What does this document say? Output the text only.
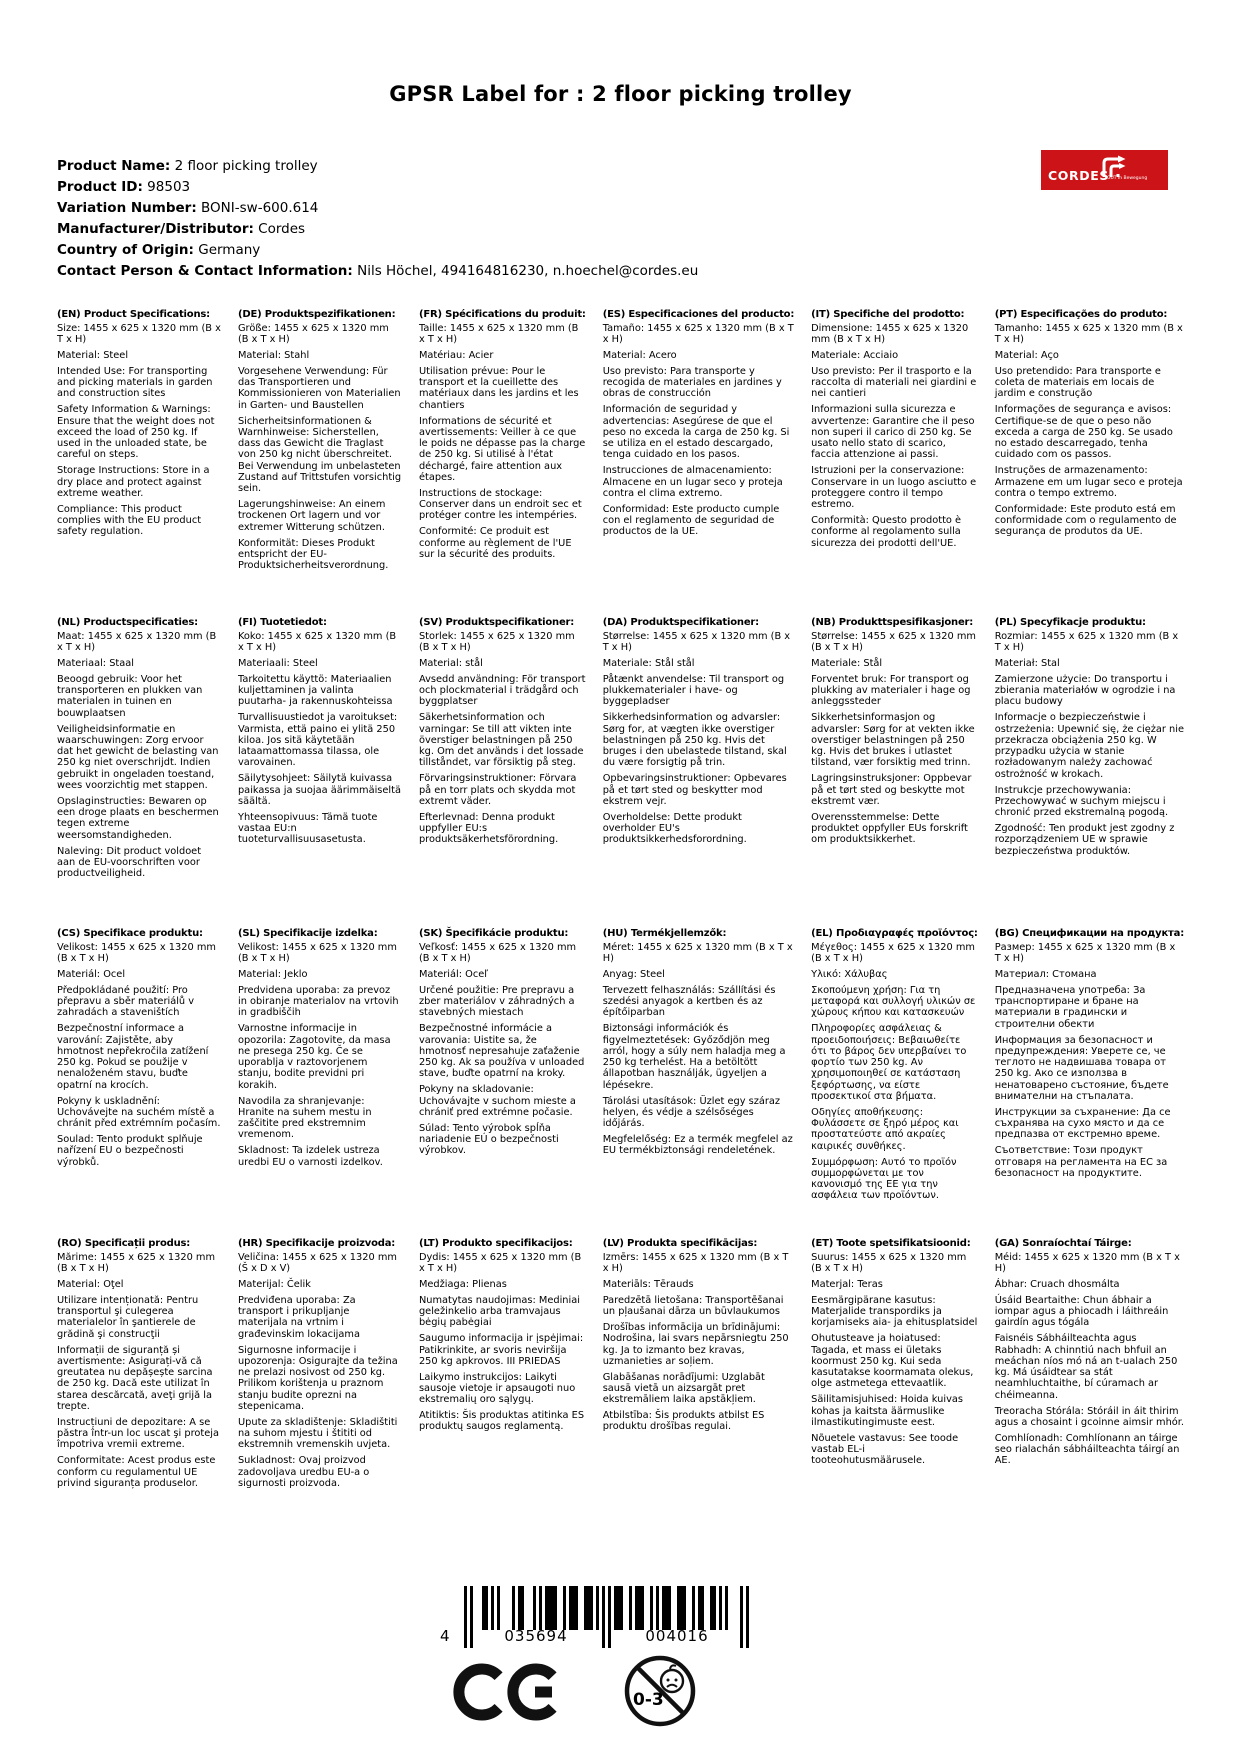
GPSR Label for : 2 floor picking trolley
Product Name: 2 floor picking trolley
Product ID: 98503
Variation Number: BONI-sw-600.614
Manufacturer/Distributor: Cordes
Country of Origin: Germany
Contact Person & Contact Information: Nils Höchel, 494164816230, n.hoechel@cordes.eu
CORDES
GUT in Bewegung
(EN) Product Specifications:

Size: 1455 x 625 x 1320 mm (B x T x H)

Material: Steel

Intended Use: For transporting and picking materials in garden and construction sites

Safety Information & Warnings: Ensure that the weight does not exceed the load of 250 kg. If used in the unloaded state, be careful on steps.

Storage Instructions: Store in a dry place and protect against extreme weather.

Compliance: This product complies with the EU product safety regulation.

(DE) Produktspezifikationen:

Größe: 1455 x 625 x 1320 mm (B x T x H)

Material: Stahl

Vorgesehene Verwendung: Für das Transportieren und Kommissionieren von Materialien in Garten- und Baustellen

Sicherheitsinformationen & Warnhinweise: Sicherstellen, dass das Gewicht die Traglast von 250 kg nicht überschreitet. Bei Verwendung im unbelasteten Zustand auf Trittstufen vorsichtig sein.

Lagerungshinweise: An einem trockenen Ort lagern und vor extremer Witterung schützen.

Konformität: Dieses Produkt entspricht der EU-Produktsicherheitsverordnung.

(FR) Spécifications du produit:

Taille: 1455 x 625 x 1320 mm (B x T x H)

Matériau: Acier

Utilisation prévue: Pour le transport et la cueillette des matériaux dans les jardins et les chantiers

Informations de sécurité et avertissements: Veiller à ce que le poids ne dépasse pas la charge de 250 kg. Si utilisé à l'état déchargé, faire attention aux étapes.

Instructions de stockage: Conserver dans un endroit sec et protéger contre les intempéries.

Conformité: Ce produit est conforme au règlement de l'UE sur la sécurité des produits.

(ES) Especificaciones del producto:

Tamaño: 1455 x 625 x 1320 mm (B x T x H)

Material: Acero

Uso previsto: Para transporte y recogida de materiales en jardines y obras de construcción

Información de seguridad y advertencias: Asegúrese de que el peso no exceda la carga de 250 kg. Si se utiliza en el estado descargado, tenga cuidado en los pasos.

Instrucciones de almacenamiento: Almacene en un lugar seco y proteja contra el clima extremo.

Conformidad: Este producto cumple con el reglamento de seguridad de productos de la UE.

(IT) Specifiche del prodotto:

Dimensione: 1455 x 625 x 1320 mm (B x T x H)

Materiale: Acciaio

Uso previsto: Per il trasporto e la raccolta di materiali nei giardini e nei cantieri

Informazioni sulla sicurezza e avvertenze: Garantire che il peso non superi il carico di 250 kg. Se usato nello stato di scarico, faccia attenzione ai passi.

Istruzioni per la conservazione: Conservare in un luogo asciutto e proteggere contro il tempo estremo.

Conformità: Questo prodotto è conforme al regolamento sulla sicurezza dei prodotti dell'UE.

(PT) Especificações do produto:

Tamanho: 1455 x 625 x 1320 mm (B x T x H)

Material: Aço

Uso pretendido: Para transporte e coleta de materiais em locais de jardim e construção

Informações de segurança e avisos: Certifique-se de que o peso não exceda a carga de 250 kg. Se usado no estado descarregado, tenha cuidado com os passos.

Instruções de armazenamento: Armazene em um lugar seco e proteja contra o tempo extremo.

Conformidade: Este produto está em conformidade com o regulamento de segurança de produtos da UE.

(NL) Productspecificaties:

Maat: 1455 x 625 x 1320 mm (B x T x H)

Materiaal: Staal

Beoogd gebruik: Voor het transporteren en plukken van materialen in tuinen en bouwplaatsen

Veiligheidsinformatie en waarschuwingen: Zorg ervoor dat het gewicht de belasting van 250 kg niet overschrijdt. Indien gebruikt in ongeladen toestand, wees voorzichtig met stappen.

Opslaginstructies: Bewaren op een droge plaats en beschermen tegen extreme weersomstandigheden.

Naleving: Dit product voldoet aan de EU-voorschriften voor productveiligheid.

(FI) Tuotetiedot:

Koko: 1455 x 625 x 1320 mm (B x T x H)

Materiaali: Steel

Tarkoitettu käyttö: Materiaalien kuljettaminen ja valinta puutarha- ja rakennuskohteissa

Turvallisuustiedot ja varoitukset: Varmista, että paino ei ylitä 250 kiloa. Jos sitä käytetään lataamattomassa tilassa, ole varovainen.

Säilytysohjeet: Säilytä kuivassa paikassa ja suojaa äärimmäiseltä säältä.

Yhteensopivuus: Tämä tuote vastaa EU:n tuoteturvallisuusasetusta.

(SV) Produktspecifikationer:

Storlek: 1455 x 625 x 1320 mm (B x T x H)

Material: stål

Avsedd användning: För transport och plockmaterial i trädgård och byggplatser

Säkerhetsinformation och varningar: Se till att vikten inte överstiger belastningen på 250 kg. Om det används i det lossade tillståndet, var försiktig på steg.

Förvaringsinstruktioner: Förvara på en torr plats och skydda mot extremt väder.

Efterlevnad: Denna produkt uppfyller EU:s produktsäkerhetsförordning.

(DA) Produktspecifikationer:

Størrelse: 1455 x 625 x 1320 mm (B x T x H)

Materiale: Stål stål

Påtænkt anvendelse: Til transport og plukkematerialer i have- og byggepladser

Sikkerhedsinformation og advarsler: Sørg for, at vægten ikke overstiger belastningen på 250 kg. Hvis det bruges i den ubelastede tilstand, skal du være forsigtig på trin.

Opbevaringsinstruktioner: Opbevares på et tørt sted og beskytter mod ekstrem vejr.

Overholdelse: Dette produkt overholder EU's produktsikkerhedsforordning.

(NB) Produkttspesifikasjoner:

Størrelse: 1455 x 625 x 1320 mm (B x T x H)

Materiale: Stål

Forventet bruk: For transport og plukking av materialer i hage og anleggssteder

Sikkerhetsinformasjon og advarsler: Sørg for at vekten ikke overstiger belastningen på 250 kg. Hvis det brukes i utlastet tilstand, vær forsiktig med trinn.

Lagringsinstruksjoner: Oppbevar på et tørt sted og beskytte mot ekstremt vær.

Overensstemmelse: Dette produktet oppfyller EUs forskrift om produktsikkerhet.

(PL) Specyfikacje produktu:

Rozmiar: 1455 x 625 x 1320 mm (B x T x H)

Materiał: Stal

Zamierzone użycie: Do transportu i zbierania materiałów w ogrodzie i na placu budowy

Informacje o bezpieczeństwie i ostrzeżenia: Upewnić się, że ciężar nie przekracza obciążenia 250 kg. W przypadku użycia w stanie rozładowanym należy zachować ostrożność w krokach.

Instrukcje przechowywania: Przechowywać w suchym miejscu i chronić przed ekstremalną pogodą.

Zgodność: Ten produkt jest zgodny z rozporządzeniem UE w sprawie bezpieczeństwa produktów.

(CS) Specifikace produktu:

Velikost: 1455 x 625 x 1320 mm (B x T x H)

Materiál: Ocel

Předpokládané použití: Pro přepravu a sběr materiálů v zahradách a staveništích

Bezpečnostní informace a varování: Zajistěte, aby hmotnost nepřekročila zatížení 250 kg. Pokud se použije v nenaloženém stavu, buďte opatrní na krocích.

Pokyny k uskladnění: Uchovávejte na suchém místě a chránit před extrémním počasím.

Soulad: Tento produkt splňuje nařízení EU o bezpečnosti výrobků.

(SL) Specifikacije izdelka:

Velikost: 1455 x 625 x 1320 mm (B x T x H)

Material: Jeklo

Predvidena uporaba: za prevoz in obiranje materialov na vrtovih in gradbiščih

Varnostne informacije in opozorila: Zagotovite, da masa ne presega 250 kg. Če se uporablja v raztovorjenem stanju, bodite previdni pri korakih.

Navodila za shranjevanje: Hranite na suhem mestu in zaščitite pred ekstremnim vremenom.

Skladnost: Ta izdelek ustreza uredbi EU o varnosti izdelkov.

(SK) Špecifikácie produktu:

Veľkosť: 1455 x 625 x 1320 mm (B x T x H)

Materiál: Oceľ

Určené použitie: Pre prepravu a zber materiálov v záhradných a stavebných miestach

Bezpečnostné informácie a varovania: Uistite sa, že hmotnosť nepresahuje zaťaženie 250 kg. Ak sa používa v unloaded stave, buďte opatrní na kroky.

Pokyny na skladovanie: Uchovávajte v suchom mieste a chrániť pred extrémne počasie.

Súlad: Tento výrobok spĺňa nariadenie EÚ o bezpečnosti výrobkov.

(HU) Termékjellemzők:

Méret: 1455 x 625 x 1320 mm (B x T x H)

Anyag: Steel

Tervezett felhasználás: Szállítási és szedési anyagok a kertben és az építőiparban

Biztonsági információk és figyelmeztetések: Győződjön meg arról, hogy a súly nem haladja meg a 250 kg terhelést. Ha a betöltött állapotban használják, ügyeljen a lépésekre.

Tárolási utasítások: Üzlet egy száraz helyen, és védje a szélsőséges időjárás.

Megfelelőség: Ez a termék megfelel az EU termékbiztonsági rendeletének.

(EL) Προδιαγραφές προϊόντος:

Μέγεθος: 1455 x 625 x 1320 mm (B x T x H)

Υλικό: Χάλυβας

Σκοπούμενη χρήση: Για τη μεταφορά και συλλογή υλικών σε χώρους κήπου και κατασκευών

Πληροφορίες ασφάλειας & προειδοποιήσεις: Βεβαιωθείτε ότι το βάρος δεν υπερβαίνει το φορτίο των 250 kg. Αν χρησιμοποιηθεί σε κατάσταση ξεφόρτωσης, να είστε προσεκτικοί στα βήματα.

Οδηγίες αποθήκευσης: Φυλάσσετε σε ξηρό μέρος και προστατεύστε από ακραίες καιρικές συνθήκες.

Συμμόρφωση: Αυτό το προϊόν συμμορφώνεται με τον κανονισμό της ΕΕ για την ασφάλεια των προϊόντων.

(BG) Спецификации на продукта:

Размер: 1455 x 625 x 1320 mm (B x T x H)

Материал: Стомана

Предназначена употреба: За транспортиране и бране на материали в градински и строителни обекти

Информация за безопасност и предупреждения: Уверете се, че теглото не надвишава товара от 250 kg. Ако се използва в ненатоварено състояние, бъдете внимателни на стъпалата.

Инструкции за съхранение: Да се съхранява на сухо място и да се предпазва от екстремно време.

Съответствие: Този продукт отговаря на регламента на ЕС за безопасност на продуктите.

(RO) Specificații produs:

Mărime: 1455 x 625 x 1320 mm (B x T x H)

Material: Oţel

Utilizare intenționată: Pentru transportul şi culegerea materialelor în şantierele de grădină şi construcţii

Informații de siguranță și avertismente: Asigurați-vă că greutatea nu depășește sarcina de 250 kg. Dacă este utilizat în starea descărcată, aveţi grijă la trepte.

Instrucțiuni de depozitare: A se păstra într-un loc uscat şi proteja împotriva vremii extreme.

Conformitate: Acest produs este conform cu regulamentul UE privind siguranța produselor.

(HR) Specifikacije proizvoda:

Veličina: 1455 x 625 x 1320 mm (Š x D x V)

Materijal: Čelik

Predviđena uporaba: Za transport i prikupljanje materijala na vrtnim i građevinskim lokacijama

Sigurnosne informacije i upozorenja: Osigurajte da težina ne prelazi nosivost od 250 kg. Prilikom korištenja u praznom stanju budite oprezni na stepenicama.

Upute za skladištenje: Skladištiti na suhom mjestu i štititi od ekstremnih vremenskih uvjeta.

Sukladnost: Ovaj proizvod zadovoljava uredbu EU-a o sigurnosti proizvoda.

(LT) Produkto specifikacijos:

Dydis: 1455 x 625 x 1320 mm (B x T x H)

Medžiaga: Plienas

Numatytas naudojimas: Mediniai geležinkelio arba tramvajaus bėgių pabėgiai

Saugumo informacija ir įspėjimai: Patikrinkite, ar svoris neviršija 250 kg apkrovos. III PRIEDAS

Laikymo instrukcijos: Laikyti sausoje vietoje ir apsaugoti nuo ekstremalių oro sąlygų.

Atitiktis: Šis produktas atitinka ES produktų saugos reglamentą.

(LV) Produkta specifikācijas:

Izmērs: 1455 x 625 x 1320 mm (B x T x H)

Materiāls: Tērauds

Paredzētā lietošana: Transportēšanai un pļaušanai dārza un būvlaukumos

Drošības informācija un brīdinājumi: Nodrošina, lai svars nepārsniegtu 250 kg. Ja to izmanto bez kravas, uzmanieties ar soļiem.

Glabāšanas norādījumi: Uzglabāt sausā vietā un aizsargāt pret ekstremāliem laika apstākļiem.

Atbilstība: Šis produkts atbilst ES produktu drošības regulai.

(ET) Toote spetsifikatsioonid:

Suurus: 1455 x 625 x 1320 mm (B x T x H)

Materjal: Teras

Eesmärgipärane kasutus: Materjalide transpordiks ja korjamiseks aia- ja ehitusplatsidel

Ohutusteave ja hoiatused: Tagada, et mass ei ületaks koormust 250 kg. Kui seda kasutatakse koormamata olekus, olge astmetega ettevaatlik.

Säilitamisjuhised: Hoida kuivas kohas ja kaitsta äärmuslike ilmastikutingimuste eest.

Nõuetele vastavus: See toode vastab EL-i tooteohutusmäärusele.

(GA) Sonraíochtaí Táirge:

Méid: 1455 x 625 x 1320 mm (B x T x H)

Ábhar: Cruach dhosmálta

Úsáid Beartaithe: Chun ábhair a iompar agus a phiocadh i láithreáin gairdín agus tógála

Faisnéis Sábháilteachta agus Rabhadh: A chinntiú nach bhfuil an meáchan níos mó ná an t-ualach 250 kg. Má úsáidtear sa stát neamhluchtaithe, bí cúramach ar chéimeanna.

Treoracha Stórála: Stóráil in áit thirim agus a chosaint i gcoinne aimsir mhór.

Comhlíonadh: Comhlíonann an táirge seo rialachán sábháilteachta táirgí an AE.

4	035694	004016
0-3
